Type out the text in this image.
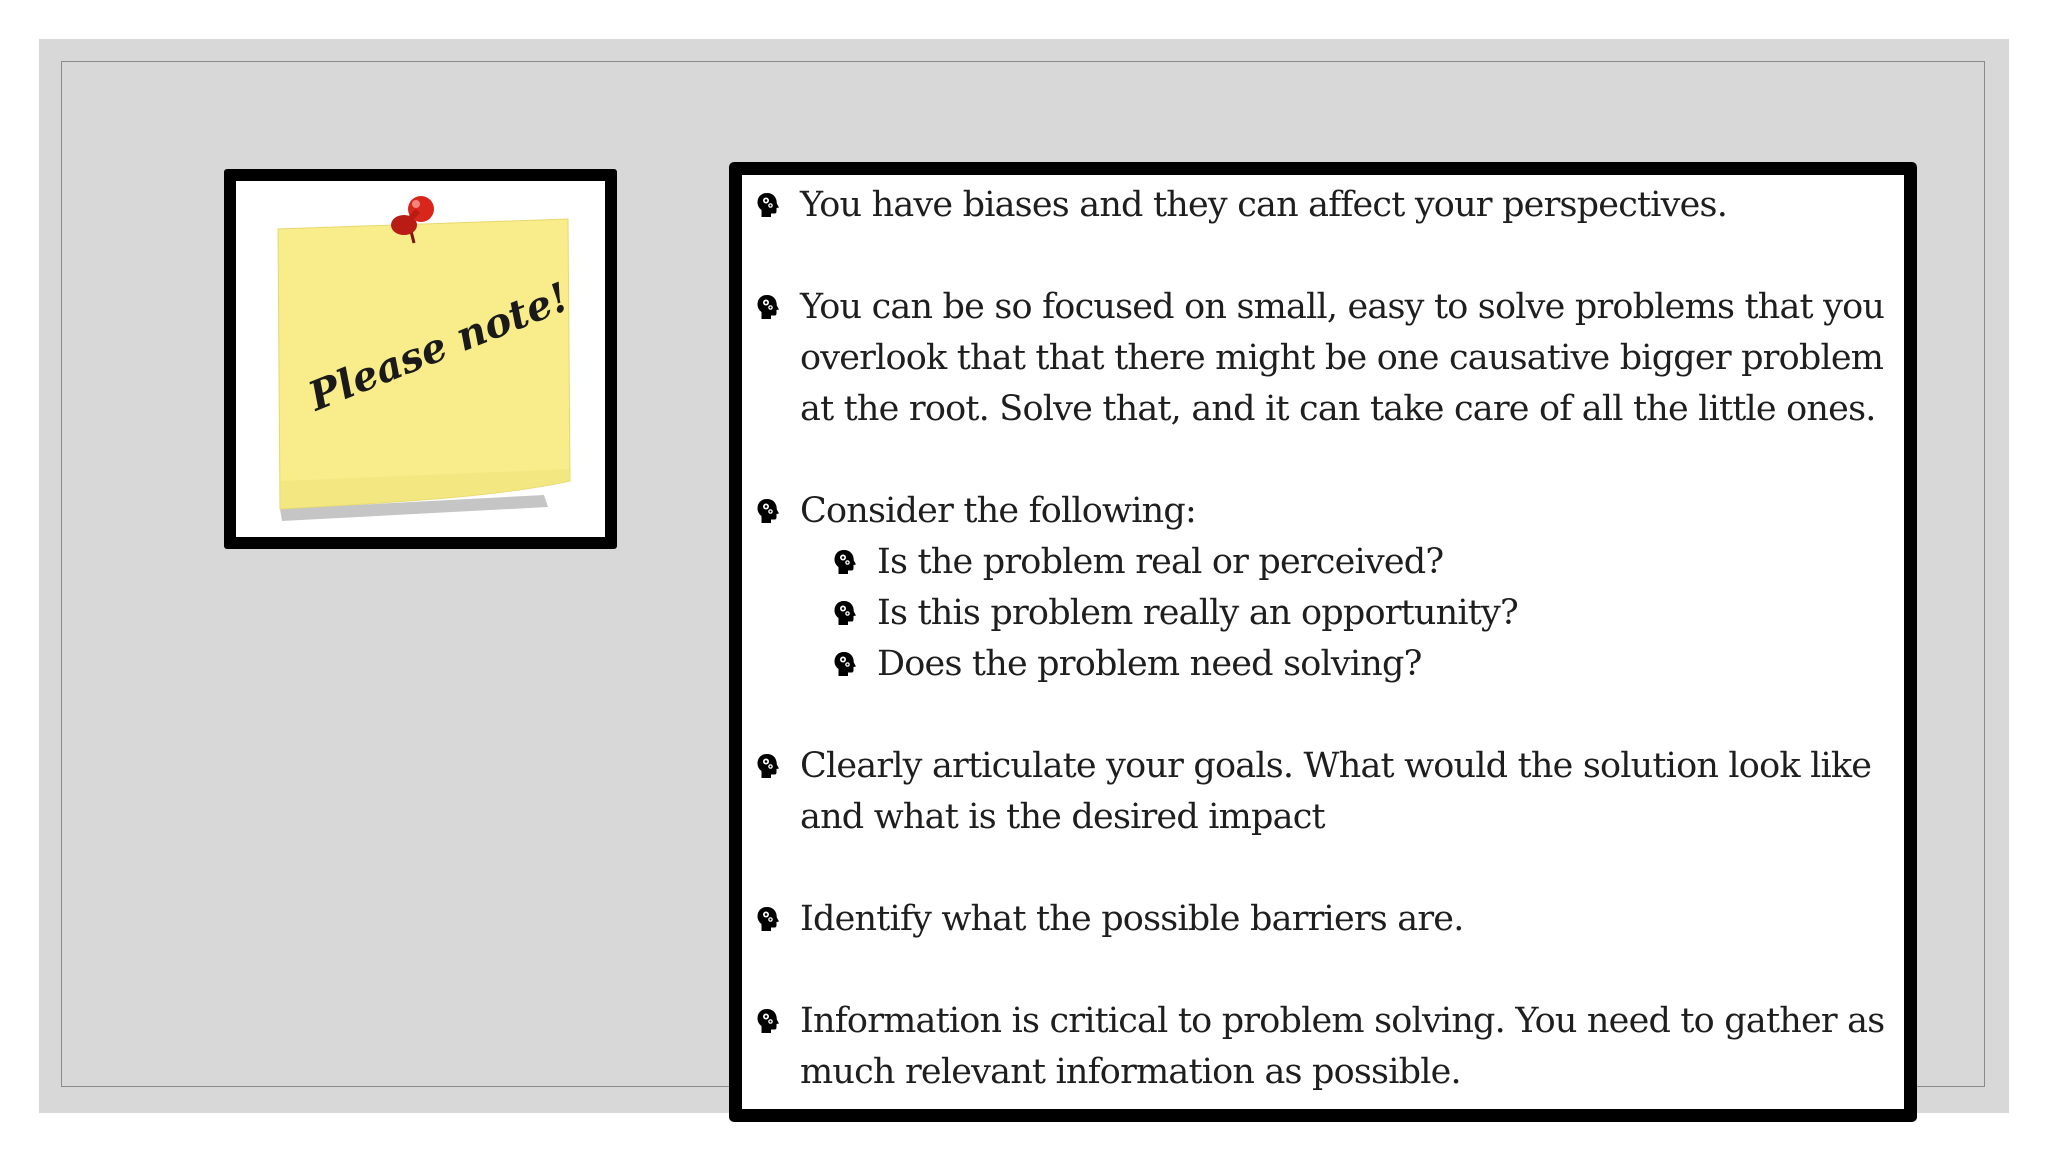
Please note!
You have biases and they can affect your perspectives.
You can be so focused on small, easy to solve problems that you overlook that that there might be one causative bigger problem at the root. Solve that, and it can take care of all the little ones.
Consider the following:
Is the problem real or perceived?
Is this problem really an opportunity?
Does the problem need solving?
Clearly articulate your goals. What would the solution look like and what is the desired impact
Identify what the possible barriers are.
Information is critical to problem solving. You need to gather as much relevant information as possible.
